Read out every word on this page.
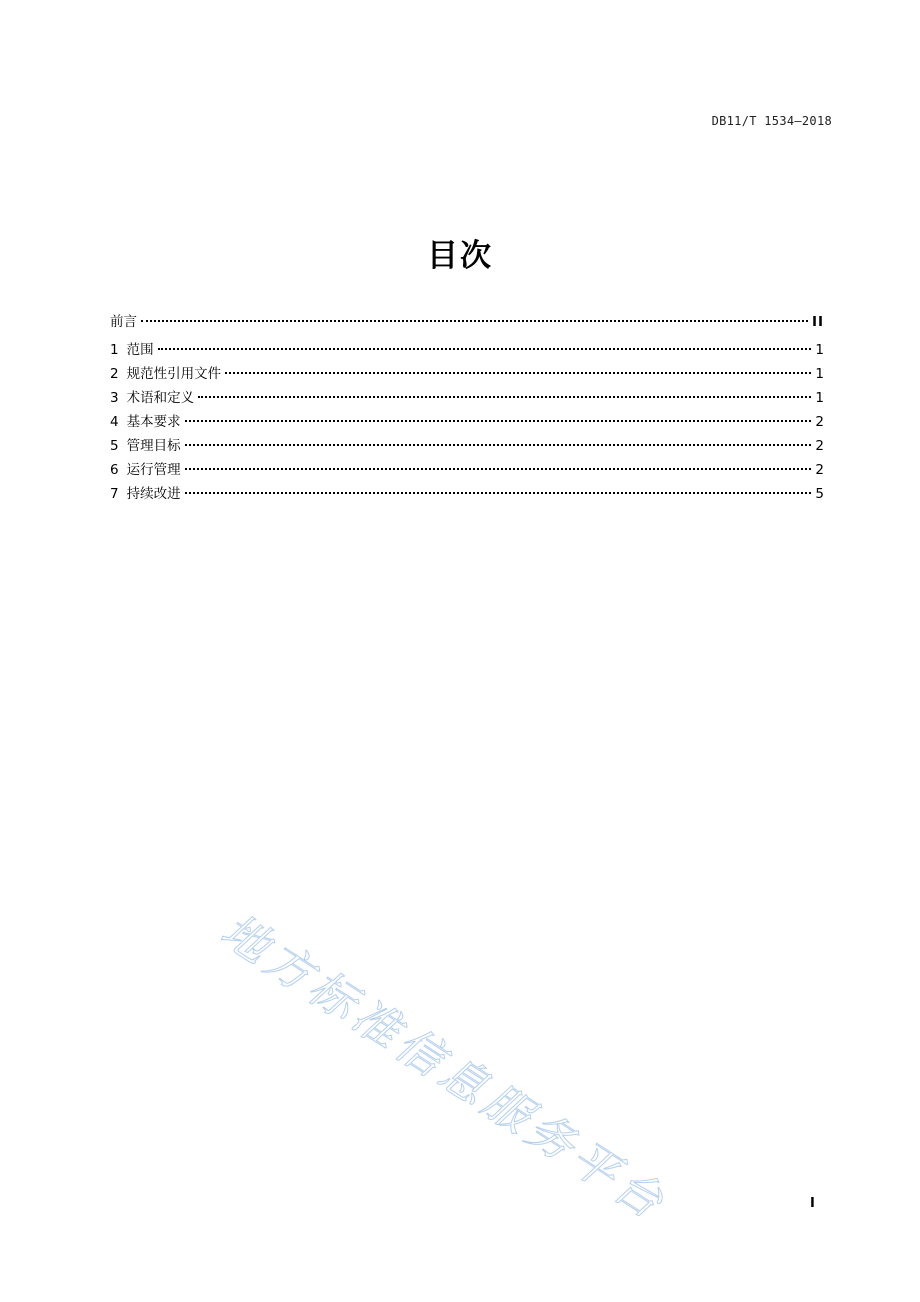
DB11/T 1534—2018
目次
前言	II
1 范围	1
2 规范性引用文件	1
3 术语和定义	1
4 基本要求	2
5 管理目标	2
6 运行管理	2
7 持续改进	5
地方标准信息服务平台	I
